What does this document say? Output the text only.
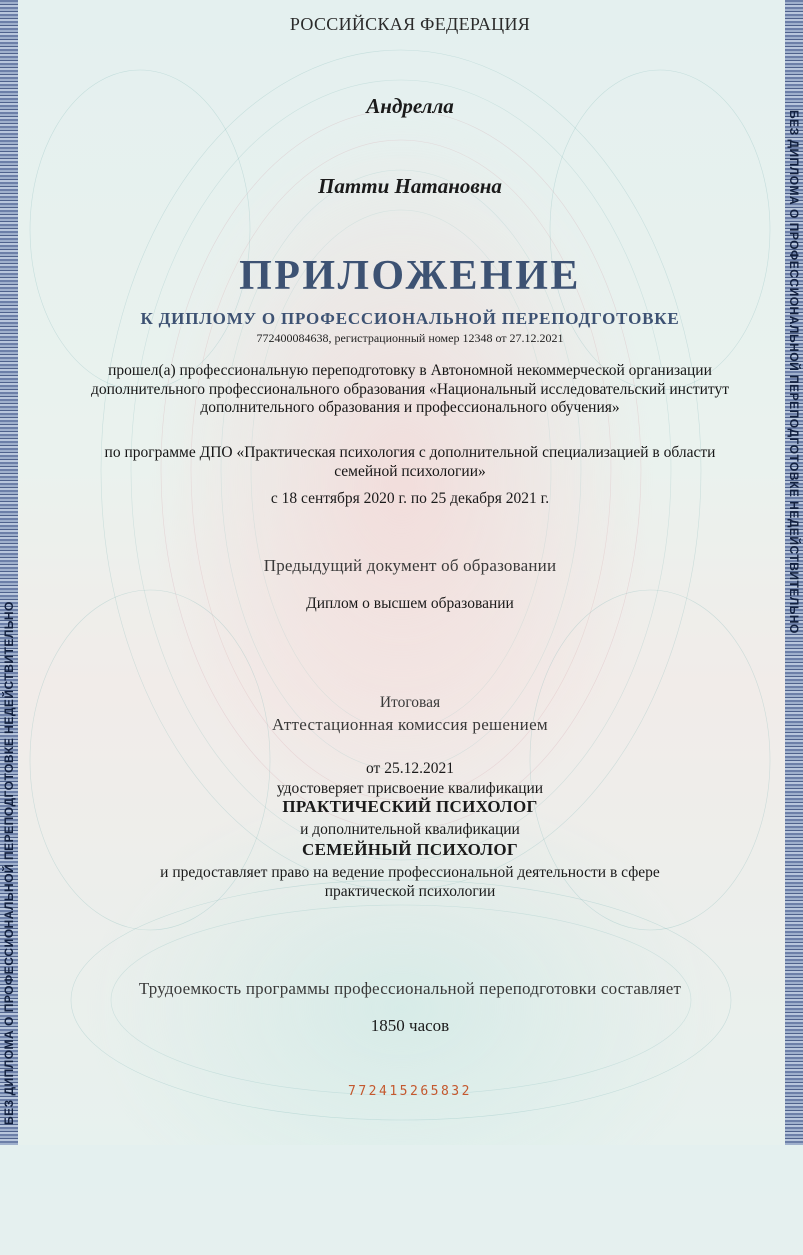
БЕЗ ДИПЛОМА О ПРОФЕССИОНАЛЬНОЙ ПЕРЕПОДГОТОВКЕ НЕДЕЙСТВИТЕЛЬНО
БЕЗ ДИПЛОМА О ПРОФЕССИОНАЛЬНОЙ ПЕРЕПОДГОТОВКЕ НЕДЕЙСТВИТЕЛЬНО
РОССИЙСКАЯ ФЕДЕРАЦИЯ
Андрелла
Патти Натановна
ПРИЛОЖЕНИЕ
К ДИПЛОМУ О ПРОФЕССИОНАЛЬНОЙ ПЕРЕПОДГОТОВКЕ
772400084638, регистрационный номер 12348 от 27.12.2021
прошел(а) профессиональную переподготовку в Автономной некоммерческой организации дополнительного профессионального образования «Национальный исследовательский институт дополнительного образования и профессионального обучения»
по программе ДПО «Практическая психология с дополнительной специализацией в области семейной психологии»
с 18 сентября 2020 г. по 25 декабря 2021 г.
Предыдущий документ об образовании
Диплом о высшем образовании
Итоговая
Аттестационная комиссия решением
от 25.12.2021
удостоверяет присвоение квалификации
ПРАКТИЧЕСКИЙ ПСИХОЛОГ
и дополнительной квалификации
СЕМЕЙНЫЙ ПСИХОЛОГ
и предоставляет право на ведение профессиональной деятельности в сфере практической психологии
Трудоемкость программы профессиональной переподготовки составляет
1850 часов
772415265832
